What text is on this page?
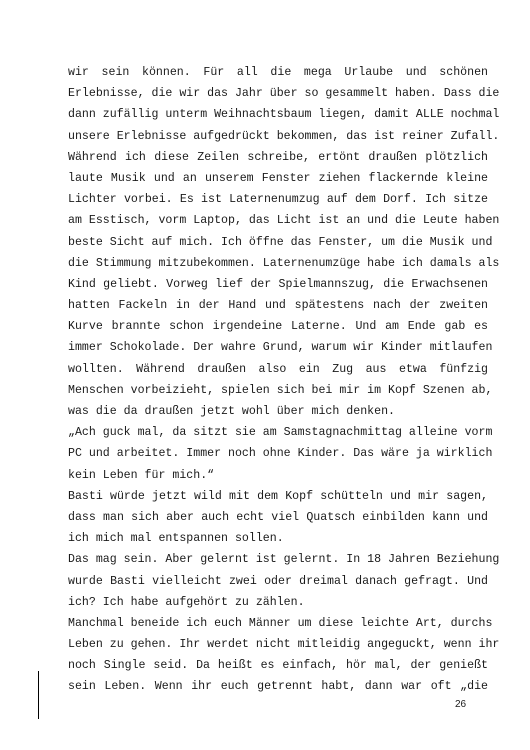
wir sein können. Für all die mega Urlaube und schönen
Erlebnisse, die wir das Jahr über so gesammelt haben. Dass die
dann zufällig unterm Weihnachtsbaum liegen, damit ALLE nochmal
unsere Erlebnisse aufgedrückt bekommen, das ist reiner Zufall.
Während ich diese Zeilen schreibe, ertönt draußen plötzlich
laute Musik und an unserem Fenster ziehen flackernde kleine
Lichter vorbei. Es ist Laternenumzug auf dem Dorf. Ich sitze
am Esstisch, vorm Laptop, das Licht ist an und die Leute haben
beste Sicht auf mich. Ich öffne das Fenster, um die Musik und
die Stimmung mitzubekommen. Laternenumzüge habe ich damals als
Kind geliebt. Vorweg lief der Spielmannszug, die Erwachsenen
hatten Fackeln in der Hand und spätestens nach der zweiten
Kurve brannte schon irgendeine Laterne. Und am Ende gab es
immer Schokolade. Der wahre Grund, warum wir Kinder mitlaufen
wollten. Während draußen also ein Zug aus etwa fünfzig
Menschen vorbeizieht, spielen sich bei mir im Kopf Szenen ab,
was die da draußen jetzt wohl über mich denken.
„Ach guck mal, da sitzt sie am Samstagnachmittag alleine vorm
PC und arbeitet. Immer noch ohne Kinder. Das wäre ja wirklich
kein Leben für mich.“
Basti würde jetzt wild mit dem Kopf schütteln und mir sagen,
dass man sich aber auch echt viel Quatsch einbilden kann und
ich mich mal entspannen sollen.
Das mag sein. Aber gelernt ist gelernt. In 18 Jahren Beziehung
wurde Basti vielleicht zwei oder dreimal danach gefragt. Und
ich? Ich habe aufgehört zu zählen.
Manchmal beneide ich euch Männer um diese leichte Art, durchs
Leben zu gehen. Ihr werdet nicht mitleidig angeguckt, wenn ihr
noch Single seid. Da heißt es einfach, hör mal, der genießt
sein Leben. Wenn ihr euch getrennt habt, dann war oft „die
26
